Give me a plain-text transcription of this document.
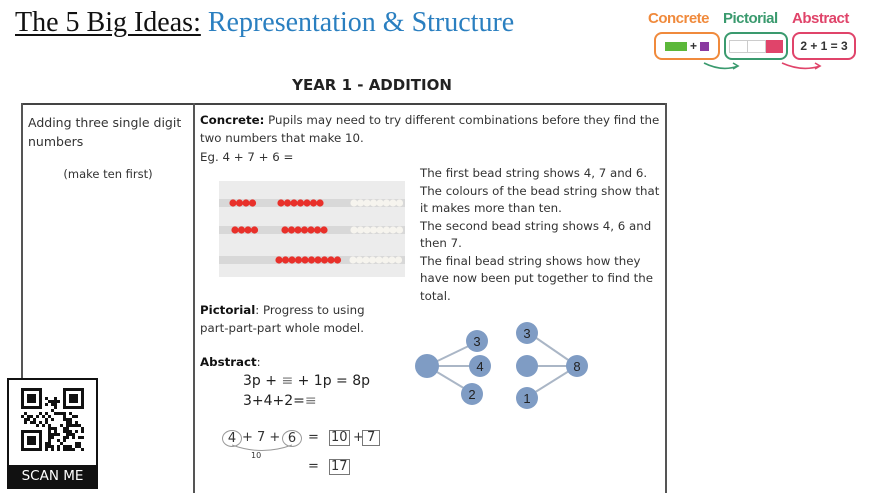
The 5 Big Ideas: Representation & Structure	Concrete Pictorial Abstract
+	2 + 1 = 3
YEAR 1 - ADDITION
Adding three single digit numbers
(make ten first)
Concrete: Pupils may need to try different combinations before they find the two numbers that make 10.
Eg. 4 + 7 + 6 =
The first bead string shows 4, 7 and 6. The colours of the bead string show that it makes more than ten.
The second bead string shows 4, 6 and then 7.
The final bead string shows how they have now been put together to find the total.
Pictorial: Progress to using part-part-part whole model.
3
4
2
3
1
8
Abstract:
3p + ≡ + 1p = 8p
3+4+2=≡
4 + 7 + 6 = 10 + 7
10
= 17
SCAN ME
